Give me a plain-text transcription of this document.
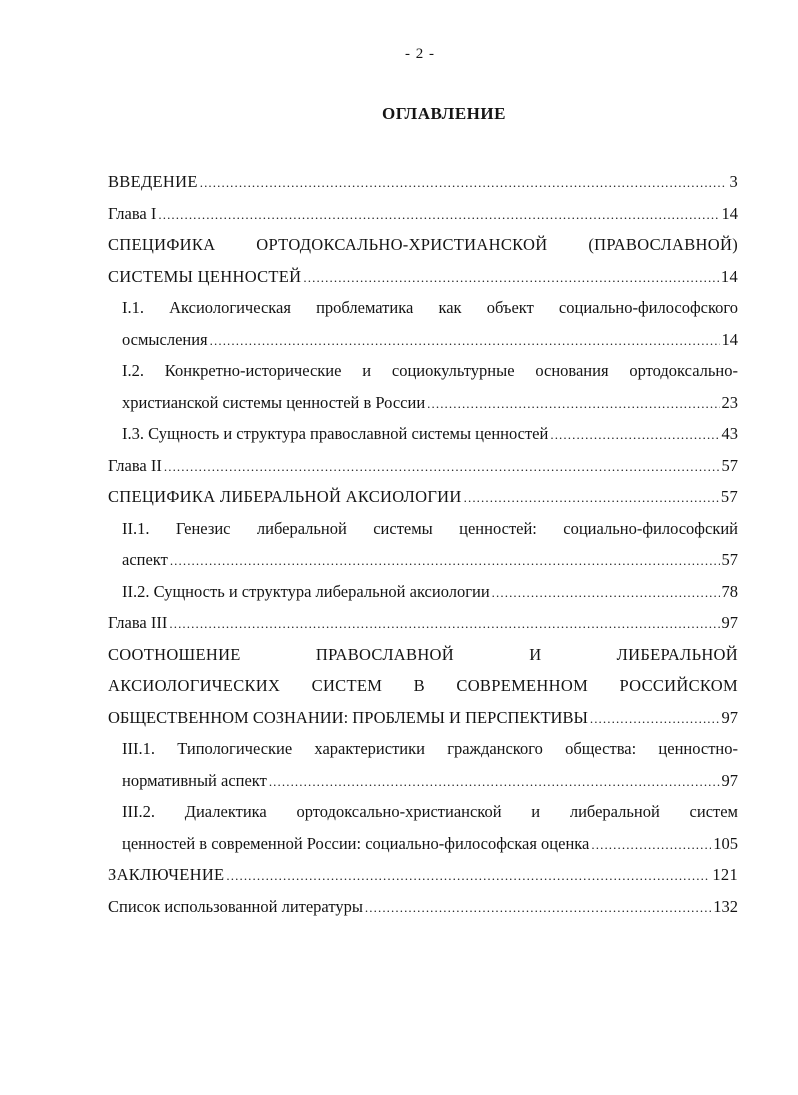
- 2 -
ОГЛАВЛЕНИЕ
ВВЕДЕНИЕ .....	3
Глава I .....	14
СПЕЦИФИКА ОРТОДОКСАЛЬНО-ХРИСТИАНСКОЙ (ПРАВОСЛАВНОЙ)
СИСТЕМЫ ЦЕННОСТЕЙ .....	14
I.1. Аксиологическая проблематика как объект социально-философского
осмысления .....	14
I.2. Конкретно-исторические и социокультурные основания ортодоксально-
христианской системы ценностей в России .....	23
I.3. Сущность и структура православной системы ценностей .....	43
Глава II .....	57
СПЕЦИФИКА ЛИБЕРАЛЬНОЙ АКСИОЛОГИИ .....	57
II.1. Генезис либеральной системы ценностей: социально-философский
аспект .....	57
II.2. Сущность и структура либеральной аксиологии .....	78
Глава III .....	97
СООТНОШЕНИЕ ПРАВОСЛАВНОЙ И ЛИБЕРАЛЬНОЙ
АКСИОЛОГИЧЕСКИХ СИСТЕМ В СОВРЕМЕННОМ РОССИЙСКОМ
ОБЩЕСТВЕННОМ СОЗНАНИИ: ПРОБЛЕМЫ И ПЕРСПЕКТИВЫ .....	97
III.1. Типологические характеристики гражданского общества: ценностно-
нормативный аспект .....	97
III.2. Диалектика ортодоксально-христианской и либеральной систем
ценностей в современной России: социально-философская оценка .....	105
ЗАКЛЮЧЕНИЕ .....	121
Список использованной литературы .....	132
